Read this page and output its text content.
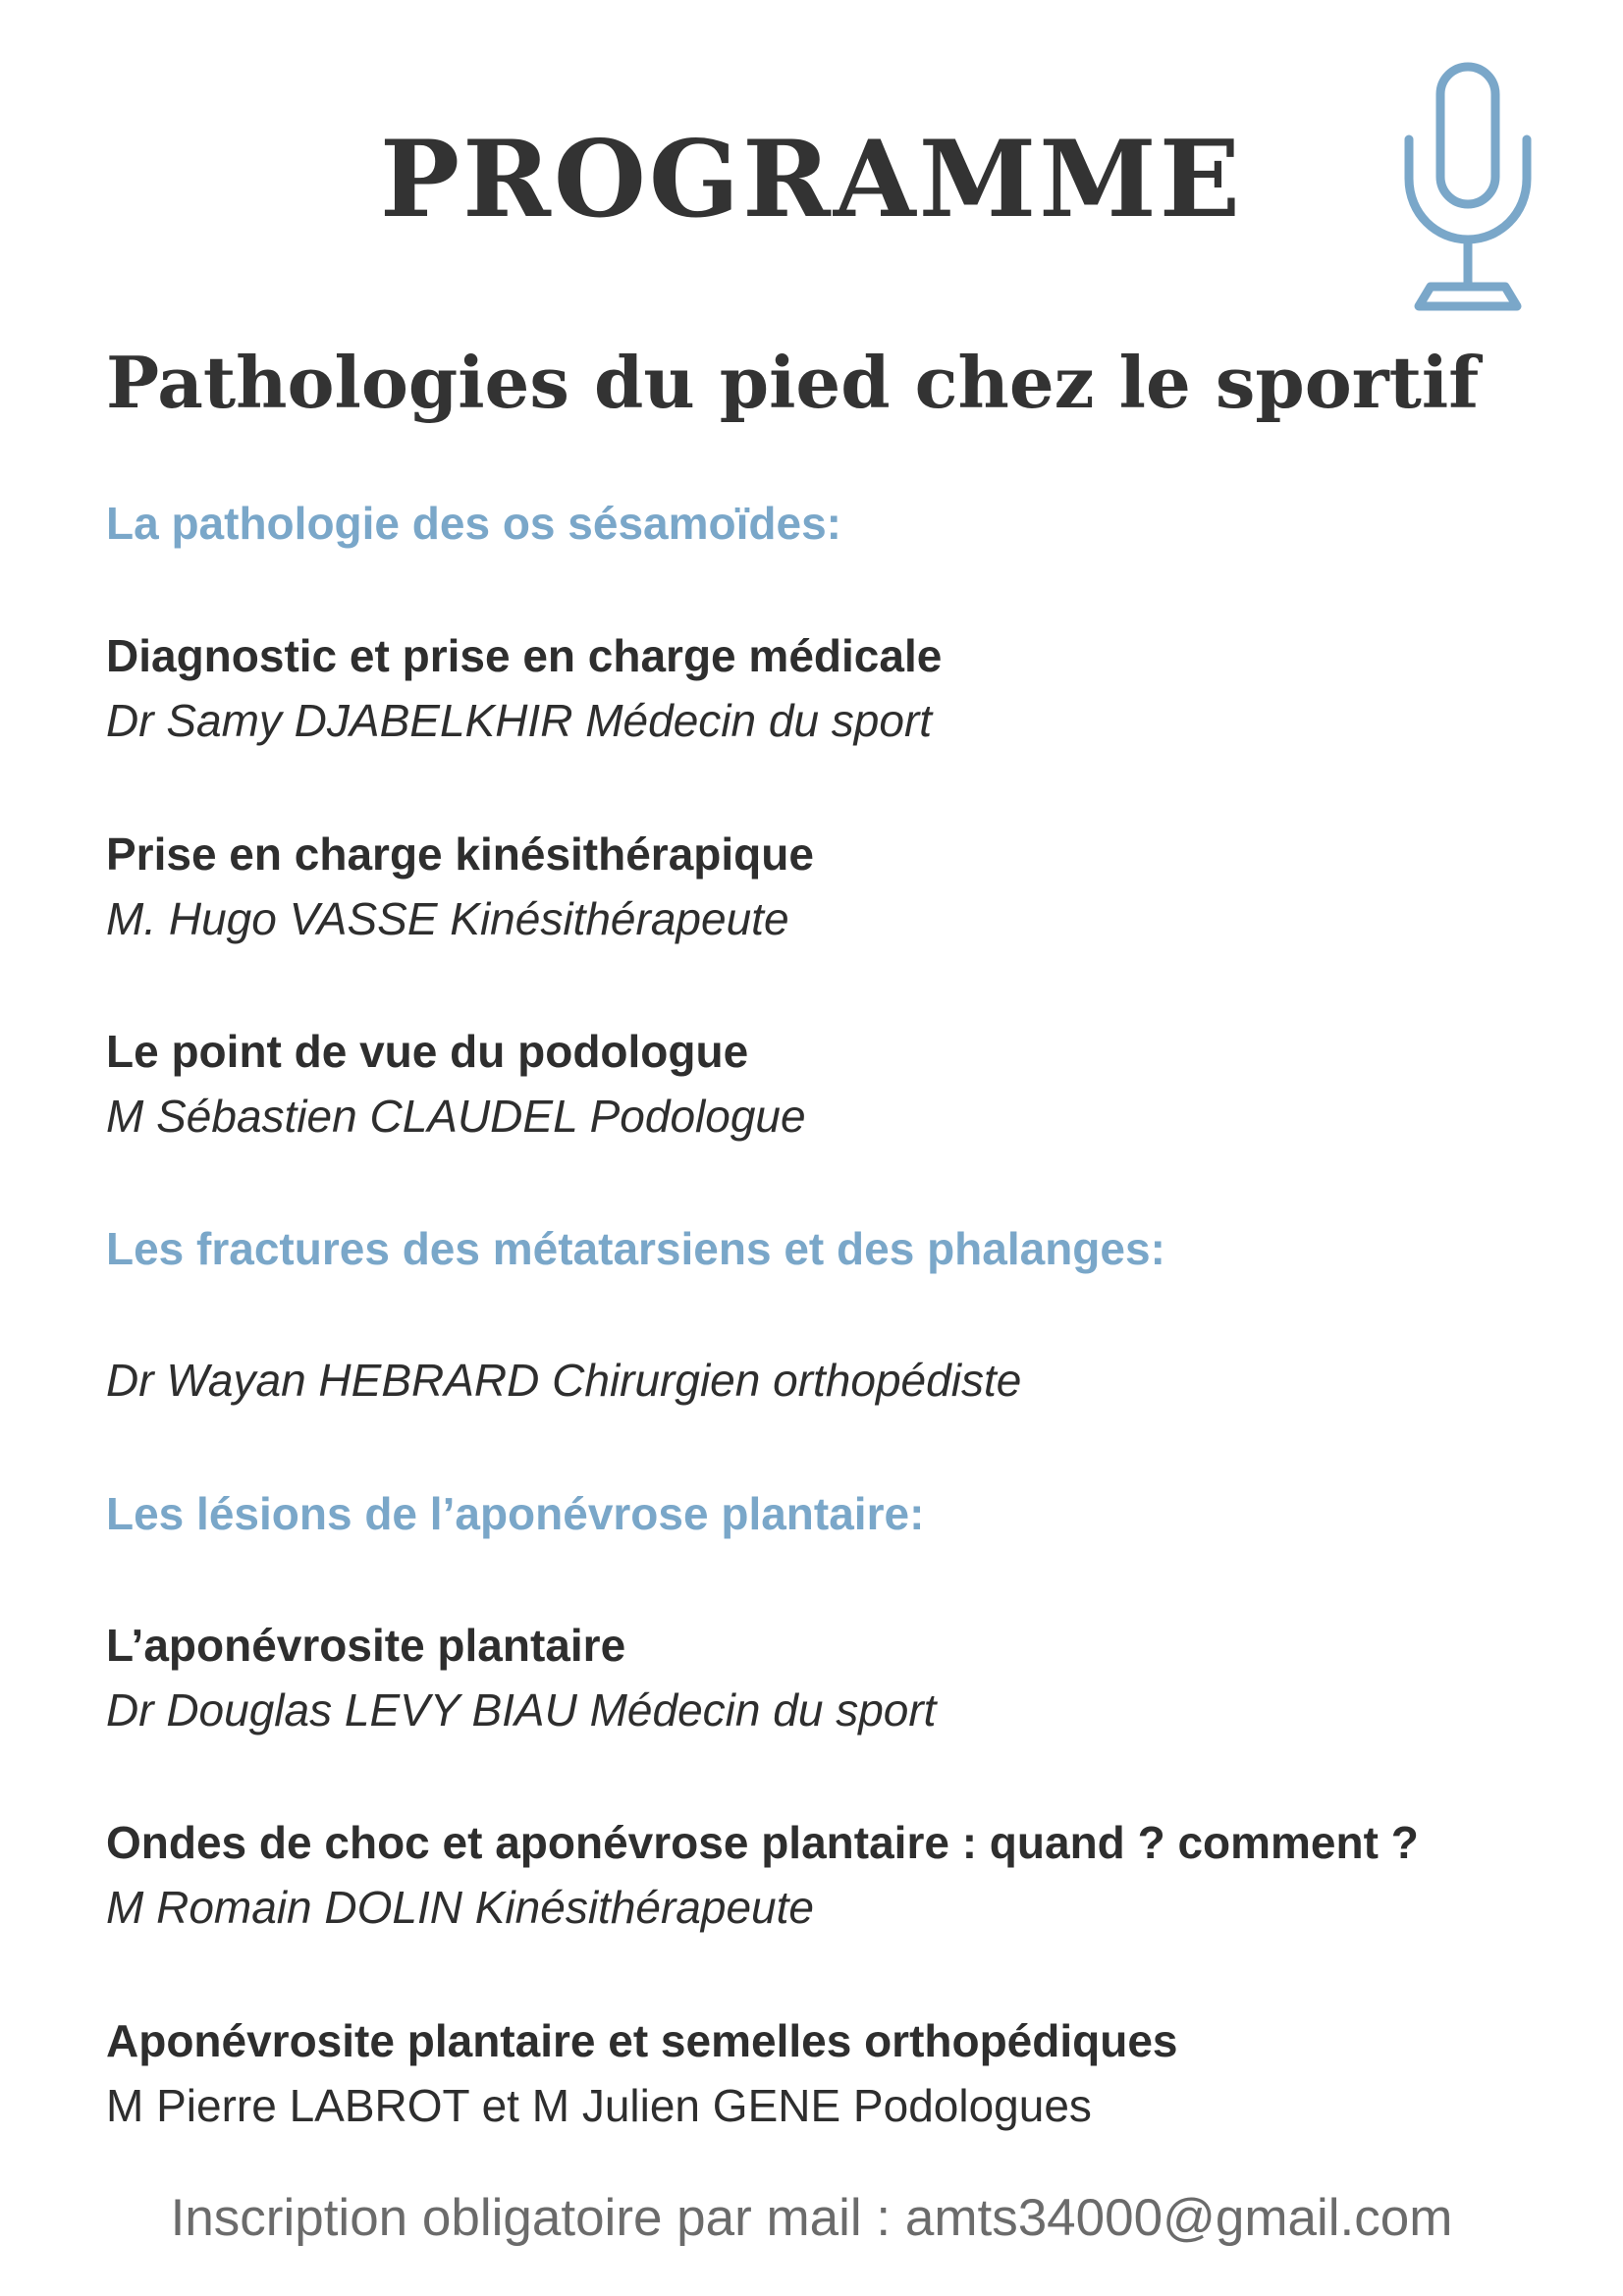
PROGRAMME
Pathologies du pied chez le sportif
La pathologie des os sésamoïdes:
Diagnostic et prise en charge médicale
Dr Samy DJABELKHIR Médecin du sport
Prise en charge kinésithérapique
M. Hugo VASSE Kinésithérapeute
Le point de vue du podologue
M Sébastien CLAUDEL Podologue
Les fractures des métatarsiens et des phalanges:
Dr Wayan HEBRARD Chirurgien orthopédiste
Les lésions de l’aponévrose plantaire:
L’aponévrosite plantaire
Dr Douglas LEVY BIAU Médecin du sport
Ondes de choc et aponévrose plantaire : quand ? comment ?
M Romain DOLIN Kinésithérapeute
Aponévrosite plantaire et semelles orthopédiques
M Pierre LABROT et M Julien GENE Podologues
Inscription obligatoire par mail : amts34000@gmail.com
